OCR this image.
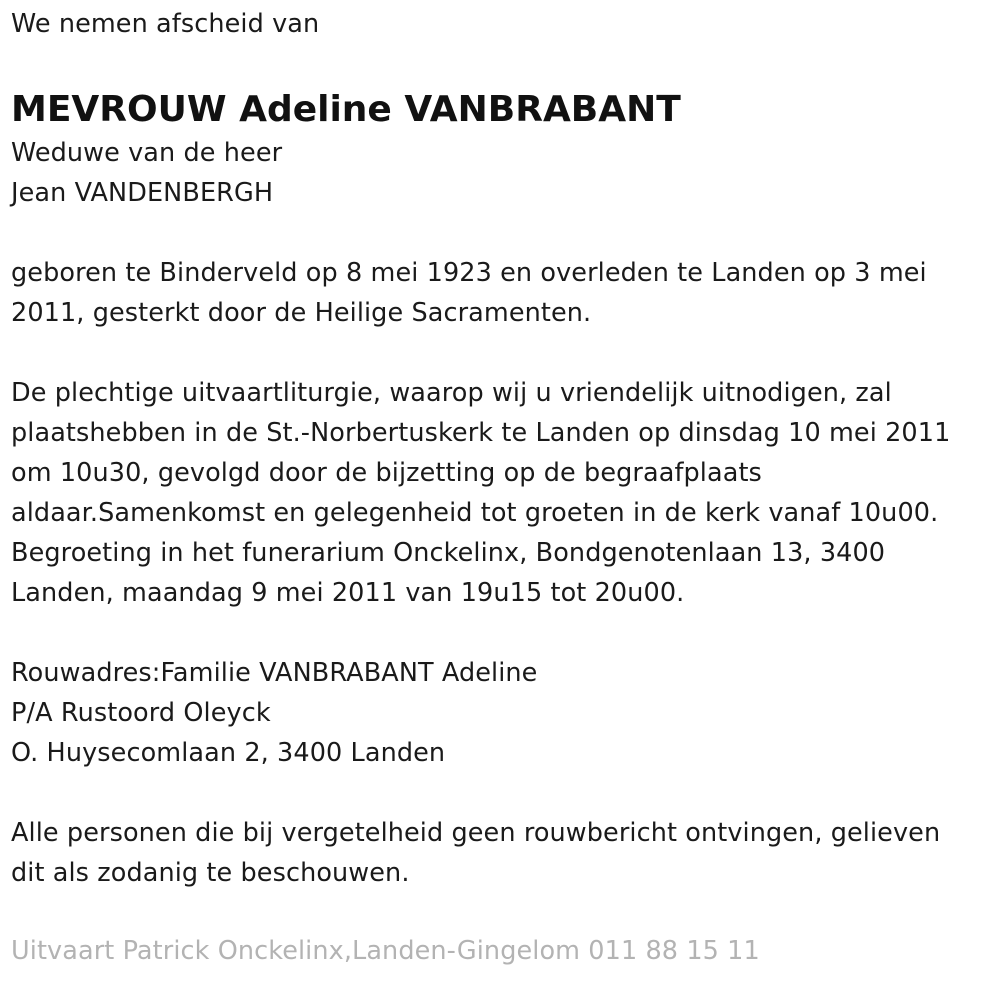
We nemen afscheid van
MEVROUW Adeline VANBRABANT
Weduwe van de heer
Jean VANDENBERGH
geboren te Binderveld op 8 mei 1923 en overleden te Landen op 3 mei
2011, gesterkt door de Heilige Sacramenten.
De plechtige uitvaartliturgie, waarop wij u vriendelijk uitnodigen, zal
plaatshebben in de St.-Norbertuskerk te Landen op dinsdag 10 mei 2011
om 10u30, gevolgd door de bijzetting op de begraafplaats
aldaar.Samenkomst en gelegenheid tot groeten in de kerk vanaf 10u00.
Begroeting in het funerarium Onckelinx, Bondgenotenlaan 13, 3400
Landen, maandag 9 mei 2011 van 19u15 tot 20u00.
Rouwadres:Familie VANBRABANT Adeline
P/A Rustoord Oleyck
O. Huysecomlaan 2, 3400 Landen
Alle personen die bij vergetelheid geen rouwbericht ontvingen, gelieven
dit als zodanig te beschouwen.
Uitvaart Patrick Onckelinx,Landen-Gingelom 011 88 15 11
